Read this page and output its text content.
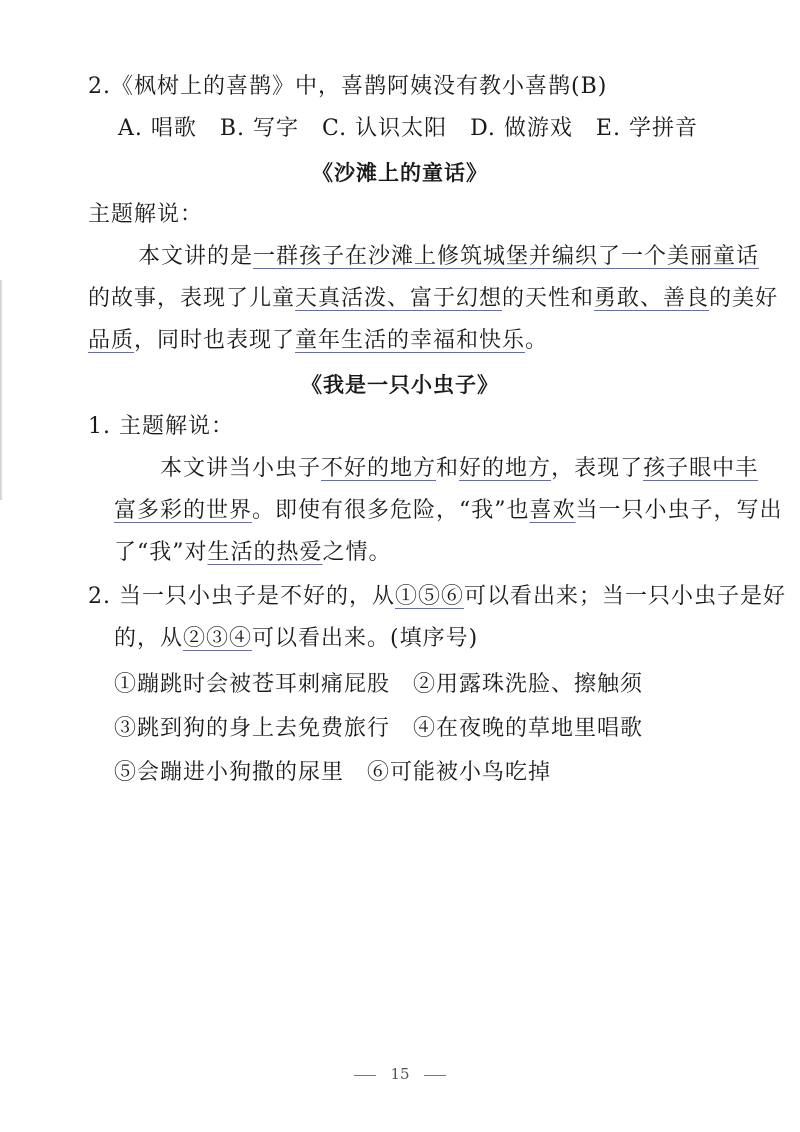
2.《枫树上的喜鹊》中，喜鹊阿姨没有教小喜鹊(B)
A. 唱歌　B. 写字　C. 认识太阳　D. 做游戏　E. 学拼音
《沙滩上的童话》
主题解说：
本文讲的是一群孩子在沙滩上修筑城堡并编织了一个美丽童话
的故事，表现了儿童天真活泼、富于幻想的天性和勇敢、善良的美好
品质，同时也表现了童年生活的幸福和快乐。
《我是一只小虫子》
1. 主题解说：
本文讲当小虫子不好的地方和好的地方，表现了孩子眼中丰
富多彩的世界。即使有很多危险，“我”也喜欢当一只小虫子，写出
了“我”对生活的热爱之情。
2. 当一只小虫子是不好的，从①⑤⑥可以看出来；当一只小虫子是好
的，从②③④可以看出来。(填序号)
①蹦跳时会被苍耳刺痛屁股　②用露珠洗脸、擦触须
③跳到狗的身上去免费旅行　④在夜晚的草地里唱歌
⑤会蹦进小狗撒的尿里　⑥可能被小鸟吃掉
15
